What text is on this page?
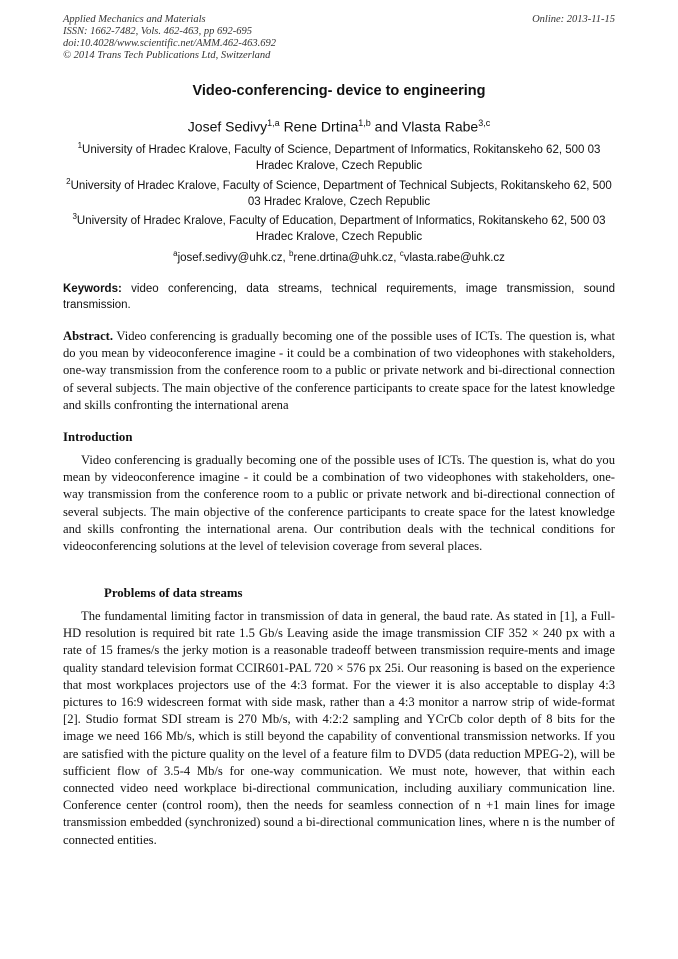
Applied Mechanics and Materials
ISSN: 1662-7482, Vols. 462-463, pp 692-695
doi:10.4028/www.scientific.net/AMM.462-463.692
© 2014 Trans Tech Publications Ltd, Switzerland
Online: 2013-11-15
Video-conferencing- device to engineering
Josef Sedivy$^{1,a}$ Rene Drtina$^{1,b}$ and Vlasta Rabe$^{3,c}$
$^1$University of Hradec Kralove, Faculty of Science, Department of Informatics, Rokitanskeho 62, 500 03 Hradec Kralove, Czech Republic
$^2$University of Hradec Kralove, Faculty of Science, Department of Technical Subjects, Rokitanskeho 62, 500 03 Hradec Kralove, Czech Republic
$^3$University of Hradec Kralove, Faculty of Education, Department of Informatics, Rokitanskeho 62, 500 03 Hradec Kralove, Czech Republic
$^a$josef.sedivy@uhk.cz, $^b$rene.drtina@uhk.cz, $^c$vlasta.rabe@uhk.cz
Keywords: video conferencing, data streams, technical requirements, image transmission, sound transmission.
Abstract. Video conferencing is gradually becoming one of the possible uses of ICTs. The question is, what do you mean by videoconference imagine - it could be a combination of two videophones with stakeholders, one-way transmission from the conference room to a public or private network and bi-directional connection of several subjects. The main objective of the conference participants to create space for the latest knowledge and skills confronting the international arena
Introduction
Video conferencing is gradually becoming one of the possible uses of ICTs. The question is, what do you mean by videoconference imagine - it could be a combination of two videophones with stakeholders, one-way transmission from the conference room to a public or private network and bi-directional connection of several subjects. The main objective of the conference participants to create space for the latest knowledge and skills confronting the international arena. Our contribution deals with the technical conditions for videoconferencing solutions at the level of television coverage from several places.
Problems of data streams
The fundamental limiting factor in transmission of data in general, the baud rate. As stated in [1], a Full-HD resolution is required bit rate 1.5 Gb/s Leaving aside the image transmission CIF 352 × 240 px with a rate of 15 frames/s the jerky motion is a reasonable tradeoff between transmission require-ments and image quality standard television format CCIR601-PAL 720 × 576 px 25i. Our reasoning is based on the experience that most workplaces projectors use of the 4:3 format. For the viewer it is also acceptable to display 4:3 pictures to 16:9 widescreen format with side mask, rather than a 4:3 monitor a narrow strip of wide-format [2]. Studio format SDI stream is 270 Mb/s, with 4:2:2 sampling and YCrCb color depth of 8 bits for the image we need 166 Mb/s, which is still beyond the capability of conventional transmission networks. If you are satisfied with the picture quality on the level of a feature film to DVD5 (data reduction MPEG-2), will be sufficient flow of 3.5-4 Mb/s for one-way communication. We must note, however, that within each connected video need workplace bi-directional communication, including auxiliary communication line. Conference center (control room), then the needs for seamless connection of n +1 main lines for image transmission embedded (synchronized) sound a bi-directional communication lines, where n is the number of connected entities.
